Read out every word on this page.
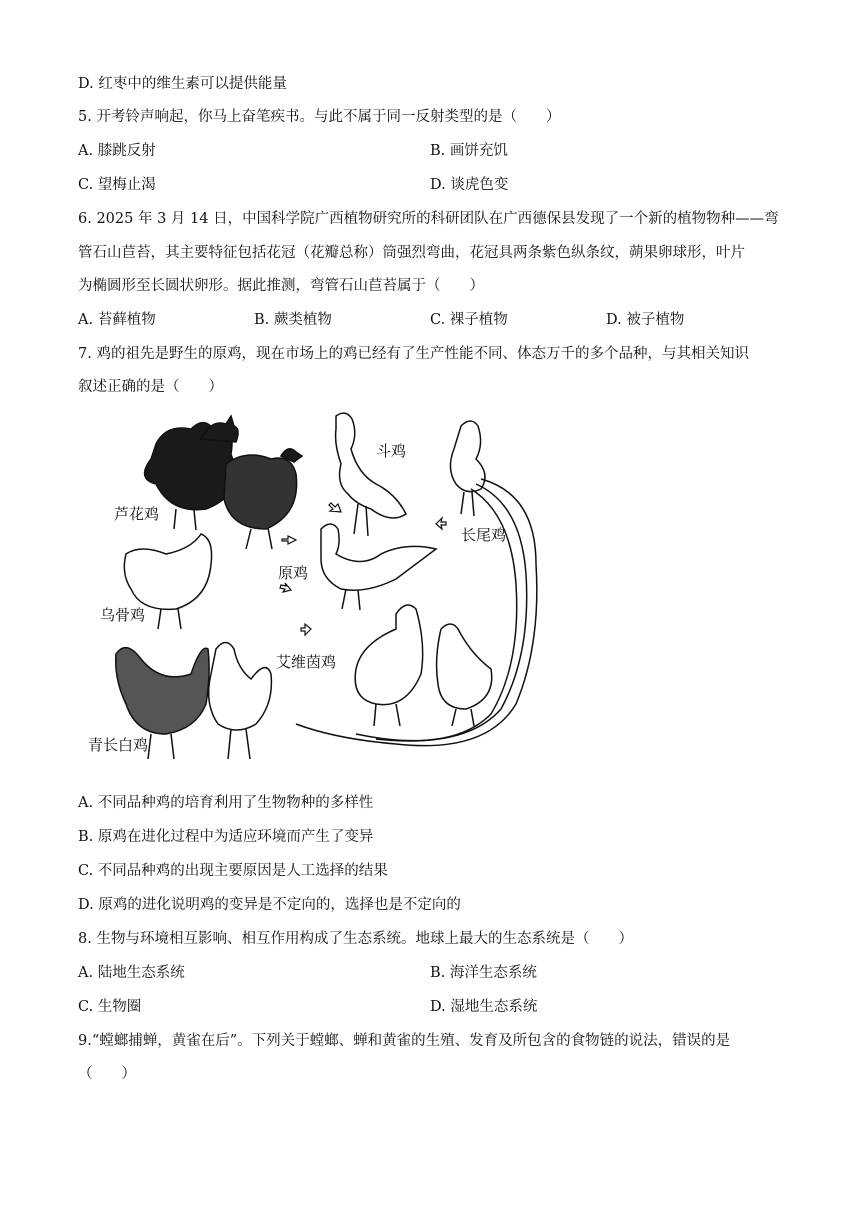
D. 红枣中的维生素可以提供能量
5. 开考铃声响起，你马上奋笔疾书。与此不属于同一反射类型的是（　　）
A. 膝跳反射	B. 画饼充饥
C. 望梅止渴	D. 谈虎色变
6. 2025 年 3 月 14 日，中国科学院广西植物研究所的科研团队在广西德保县发现了一个新的植物物种——弯
管石山苣苔，其主要特征包括花冠（花瓣总称）筒强烈弯曲，花冠具两条紫色纵条纹，蒴果卵球形，叶片
为椭圆形至长圆状卵形。据此推测，弯管石山苣苔属于（　　）
A. 苔藓植物	B. 蕨类植物	C. 裸子植物	D. 被子植物
7. 鸡的祖先是野生的原鸡，现在市场上的鸡已经有了生产性能不同、体态万千的多个品种，与其相关知识
叙述正确的是（　　）
芦花鸡
斗鸡
长尾鸡
原鸡
乌骨鸡
艾维茵鸡
青长白鸡
A. 不同品种鸡的培育利用了生物物种的多样性
B. 原鸡在进化过程中为适应环境而产生了变异
C. 不同品种鸡的出现主要原因是人工选择的结果
D. 原鸡的进化说明鸡的变异是不定向的，选择也是不定向的
8. 生物与环境相互影响、相互作用构成了生态系统。地球上最大的生态系统是（　　）
A. 陆地生态系统	B. 海洋生态系统
C. 生物圈	D. 湿地生态系统
9.“螳螂捕蝉，黄雀在后”。下列关于螳螂、蝉和黄雀的生殖、发育及所包含的食物链的说法，错误的是
（　　）
